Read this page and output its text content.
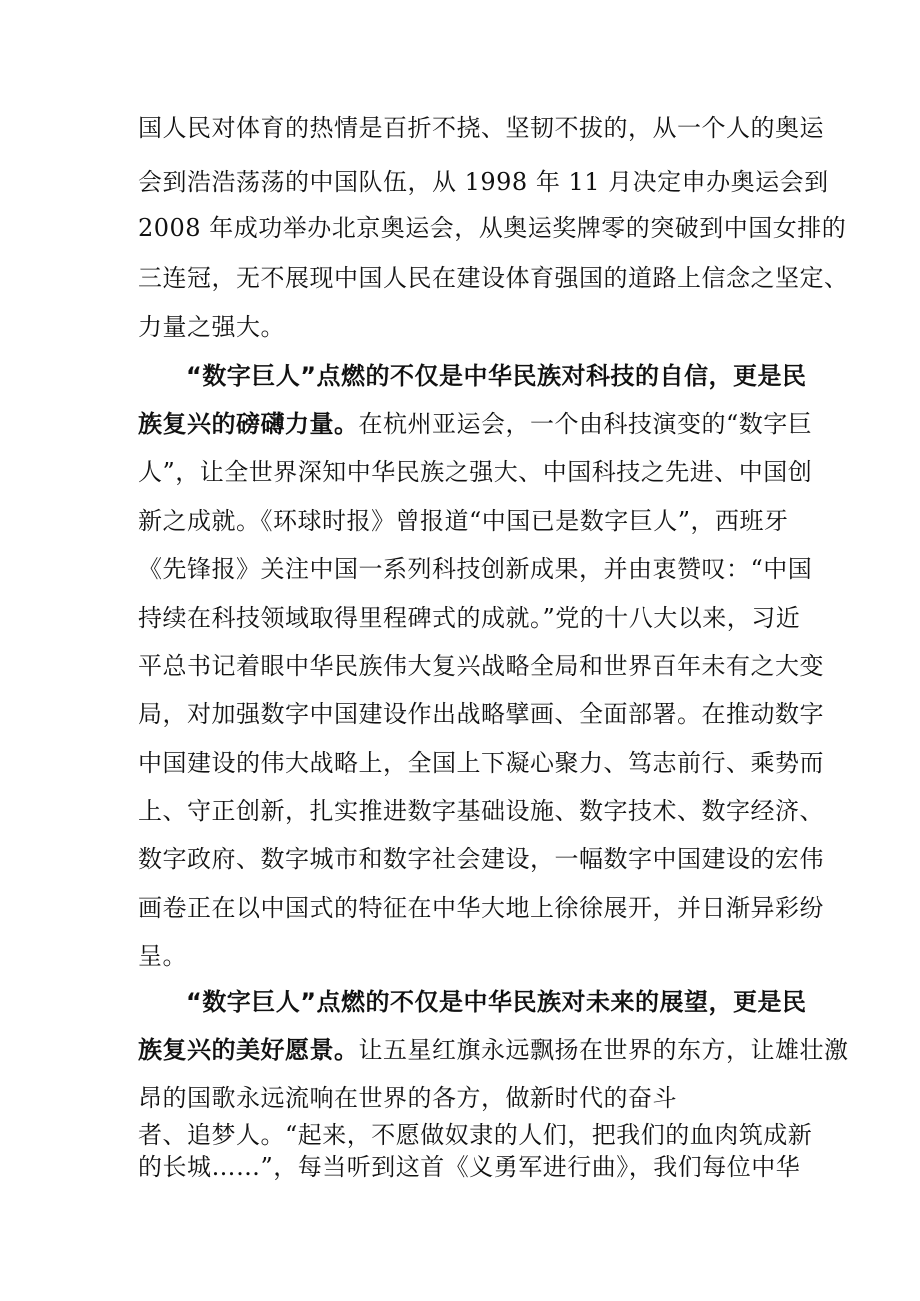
国人民对体育的热情是百折不挠、坚韧不拔的，从一个人的奥运
会到浩浩荡荡的中国队伍，从 1998 年 11 月决定申办奥运会到
2008 年成功举办北京奥运会，从奥运奖牌零的突破到中国女排的
三连冠，无不展现中国人民在建设体育强国的道路上信念之坚定、
力量之强大。
“数字巨人”点燃的不仅是中华民族对科技的自信，更是民
族复兴的磅礴力量。在杭州亚运会，一个由科技演变的“数字巨
人”，让全世界深知中华民族之强大、中国科技之先进、中国创
新之成就。《环球时报》曾报道“中国已是数字巨人”，西班牙
《先锋报》关注中国一系列科技创新成果，并由衷赞叹：“中国
持续在科技领域取得里程碑式的成就。”党的十八大以来，习近
平总书记着眼中华民族伟大复兴战略全局和世界百年未有之大变
局，对加强数字中国建设作出战略擘画、全面部署。在推动数字
中国建设的伟大战略上，全国上下凝心聚力、笃志前行、乘势而
上、守正创新，扎实推进数字基础设施、数字技术、数字经济、
数字政府、数字城市和数字社会建设，一幅数字中国建设的宏伟
画卷正在以中国式的特征在中华大地上徐徐展开，并日渐异彩纷
呈。
“数字巨人”点燃的不仅是中华民族对未来的展望，更是民
族复兴的美好愿景。让五星红旗永远飘扬在世界的东方，让雄壮激
昂的国歌永远流响在世界的各方，做新时代的奋斗
者、追梦人。“起来，不愿做奴隶的人们，把我们的血肉筑成新
的长城……”，每当听到这首《义勇军进行曲》，我们每位中华
